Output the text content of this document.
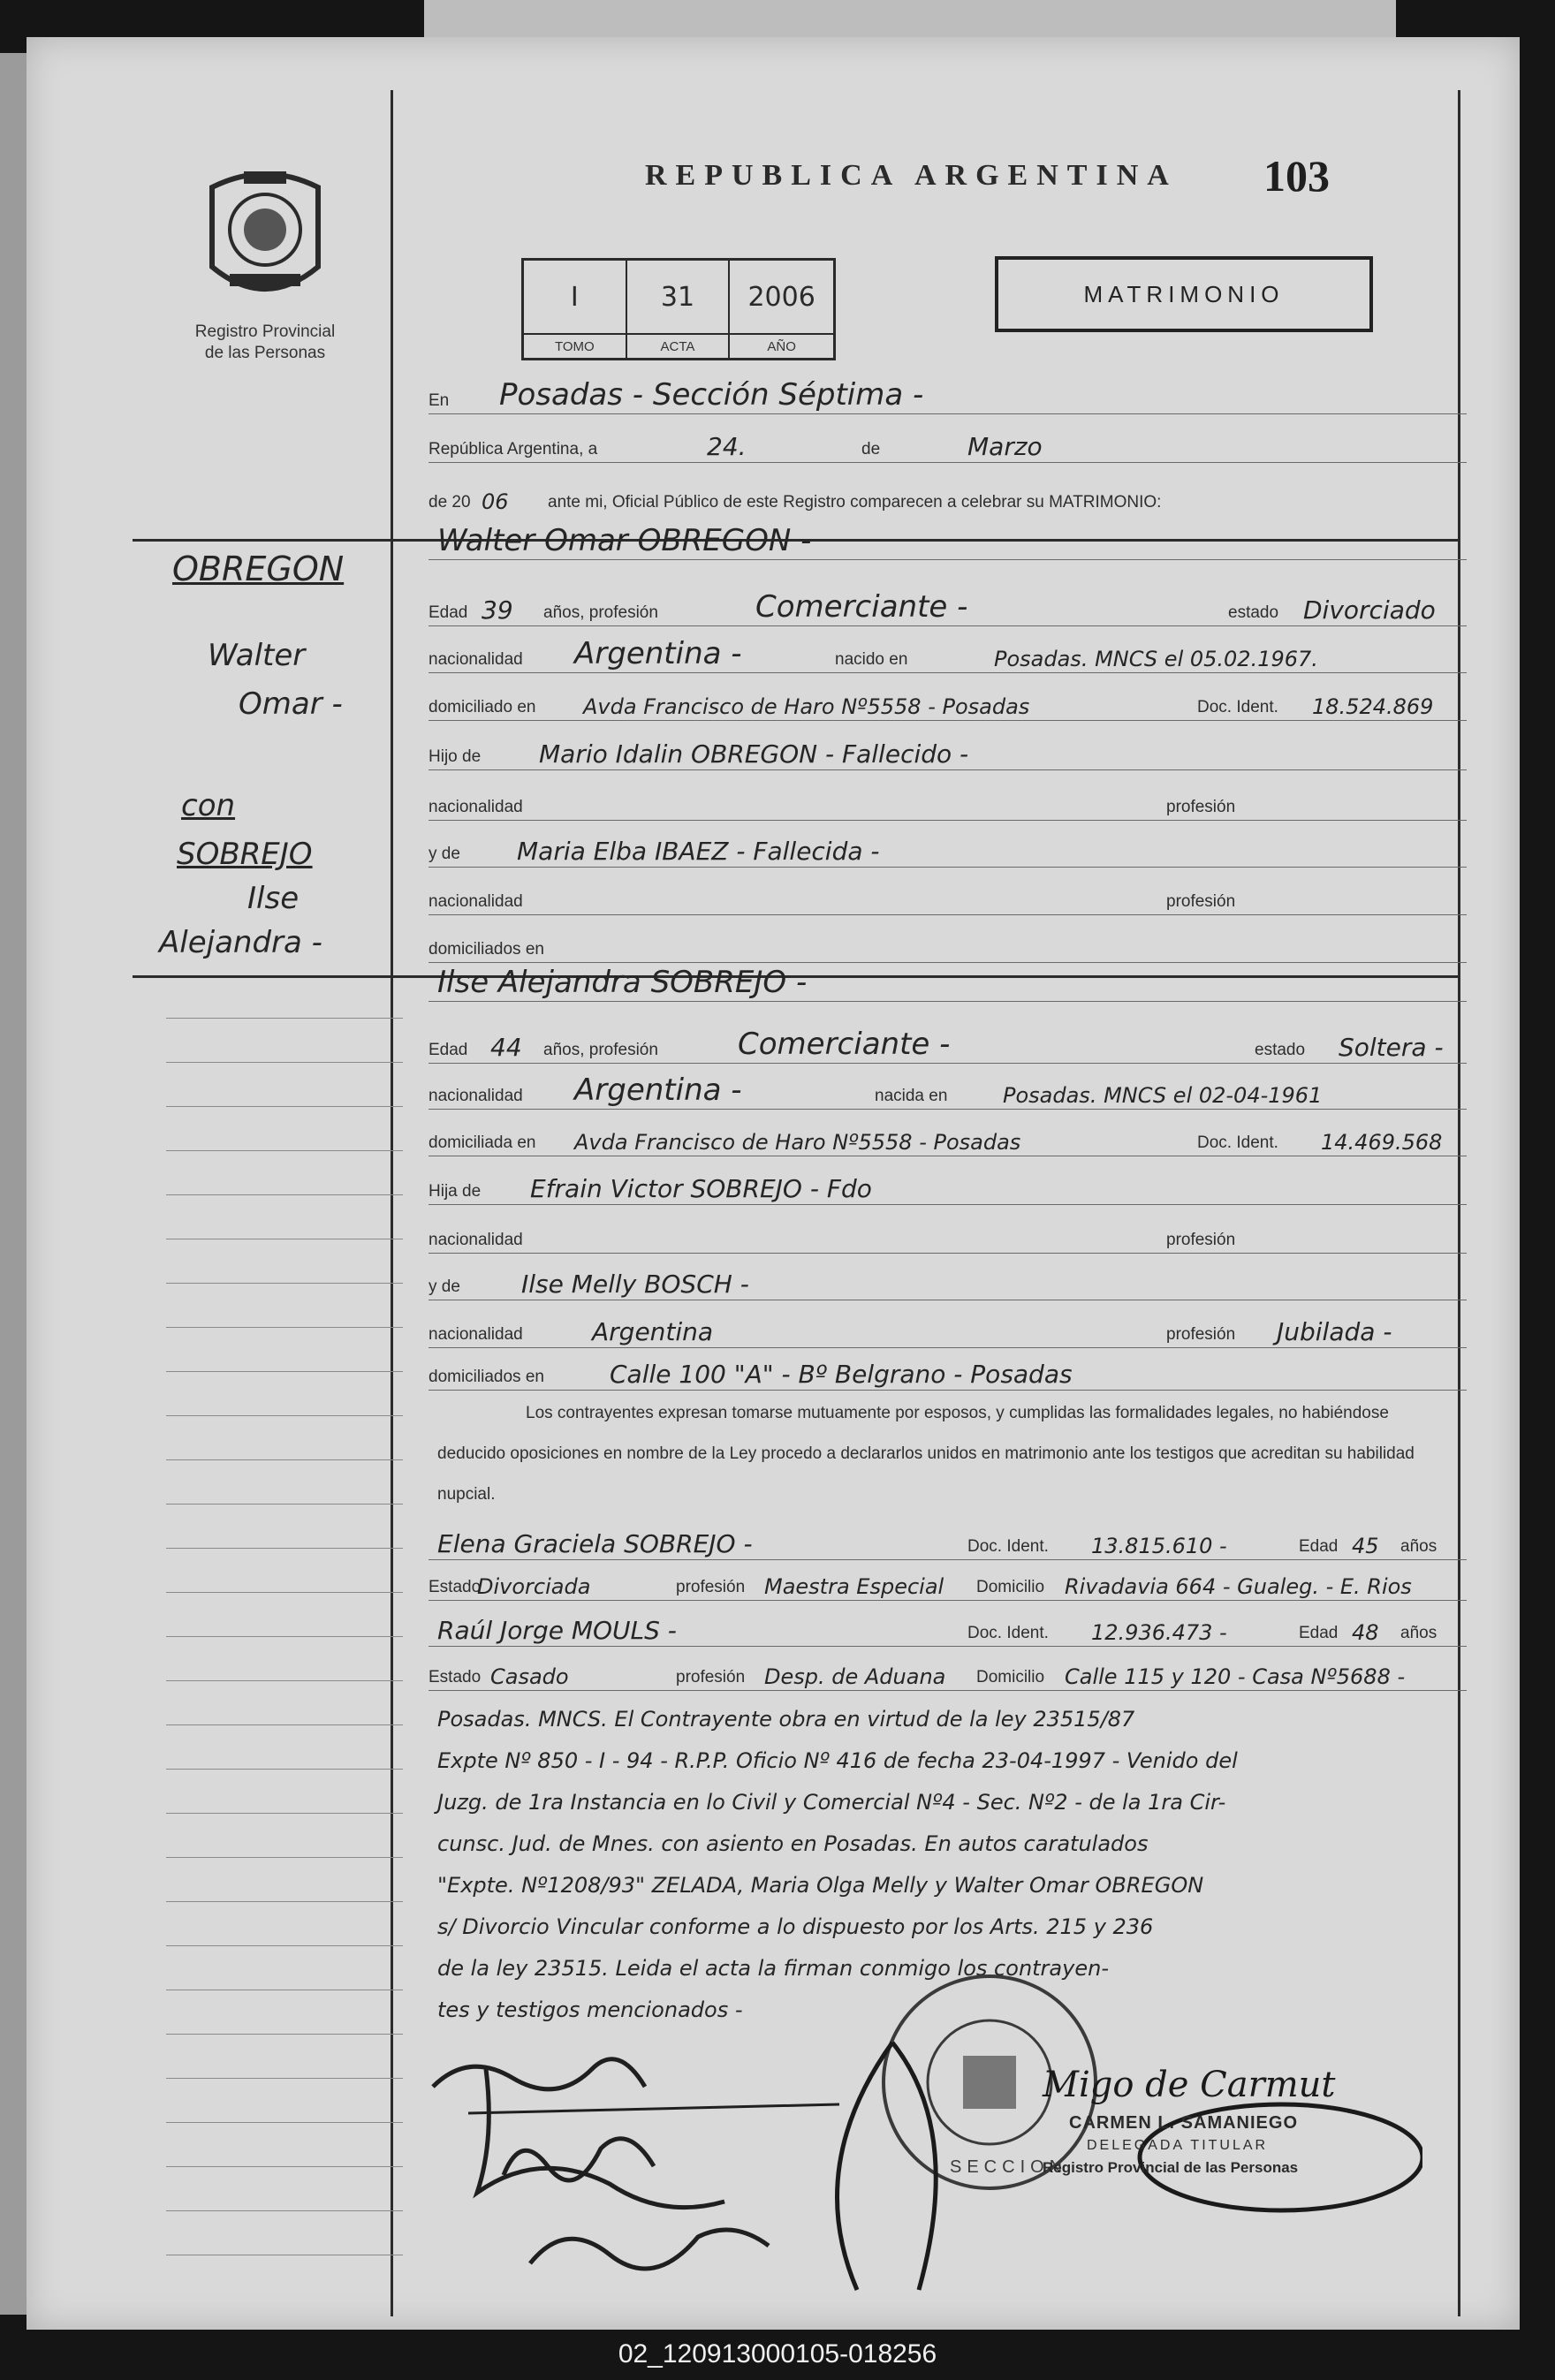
Registro Provincial
de las Personas
REPUBLICA ARGENTINA 103
I	31	2006
TOMO	ACTA	AÑO
MATRIMONIO
En Posadas - Sección Séptima -
República Argentina, a	24.	de	Marzo
de 20 06 ante mi, Oficial Público de este Registro comparecen a celebrar su MATRIMONIO:
Walter Omar OBREGON -
Edad 39 años, profesión	Comerciante -	estado Divorciado
nacionalidad Argentina -	nacido en	Posadas. MNCS el 05.02.1967.
domiciliado en Avda Francisco de Haro Nº5558 - Posadas	Doc. Ident. 18.524.869
Hijo de Mario Idalin OBREGON - Fallecido -
nacionalidad	profesión
y de Maria Elba IBAEZ - Fallecida -
nacionalidad	profesión
domiciliados en
Ilse Alejandra SOBREJO -
Edad 44 años, profesión	Comerciante -	estado Soltera -
nacionalidad Argentina -	nacida en	Posadas. MNCS el 02-04-1961
domiciliada en Avda Francisco de Haro Nº5558 - Posadas	Doc. Ident. 14.469.568
Hija de Efrain Victor SOBREJO - Fdo
nacionalidad	profesión
y de Ilse Melly BOSCH -
nacionalidad	Argentina	profesión Jubilada -
domiciliados en	Calle 100 "A" - Bº Belgrano - Posadas
Los contrayentes expresan tomarse mutuamente por esposos, y cumplidas las formalidades legales, no habiéndose deducido oposiciones en nombre de la Ley procedo a declararlos unidos en matrimonio ante los testigos que acreditan su habilidad nupcial.
Elena Graciela SOBREJO -	Doc. Ident. 13.815.610 -	Edad 45 años
Estado
Divorciada	profesión Maestra Especial Domicilio Rivadavia 664 - Gualeg. - E. Rios
Raúl Jorge MOULS -	Doc. Ident. 12.936.473 -	Edad 48 años
Estado Casado	profesión Desp. de Aduana Domicilio Calle 115 y 120 - Casa Nº5688 -
Posadas. MNCS. El Contrayente obra en virtud de la ley 23515/87
Expte Nº 850 - I - 94 - R.P.P. Oficio Nº 416 de fecha 23-04-1997 - Venido del
Juzg. de 1ra Instancia en lo Civil y Comercial Nº4 - Sec. Nº2 - de la 1ra Cir-
cunsc. Jud. de Mnes. con asiento en Posadas. En autos caratulados
"Expte. Nº1208/93" ZELADA, Maria Olga Melly y Walter Omar OBREGON
s/ Divorcio Vincular conforme a lo dispuesto por los Arts. 215 y 236
de la ley 23515. Leida el acta la firman conmigo los contrayen-
tes y testigos mencionados -
OBREGON
Walter
Omar -
con
SOBREJO
Ilse
Alejandra -
SECCION
Migo de Carmut
CARMEN L. SAMANIEGO
DELEGADA TITULAR
Registro Provincial de las Personas
02_120913000105-018256
